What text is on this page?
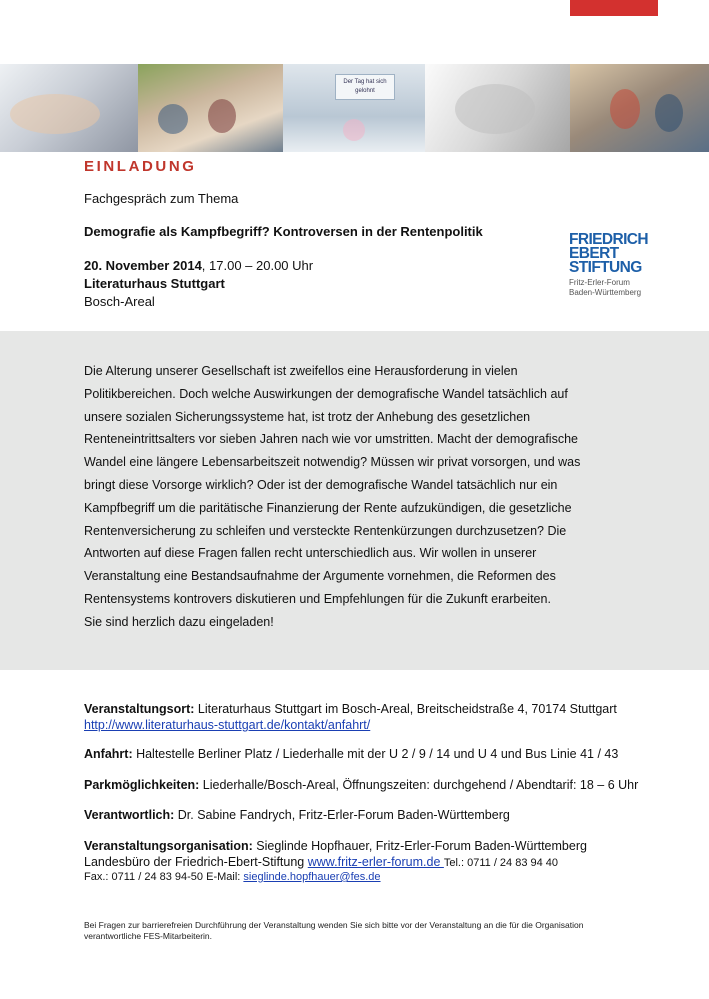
Der Tag hat sich gelohnt
EINLADUNG
Fachgespräch zum Thema
Demografie als Kampfbegriff? Kontroversen in der Rentenpolitik
20. November 2014, 17.00 – 20.00 Uhr
Literaturhaus Stuttgart
Bosch-Areal
FRIEDRICH
EBERT
STIFTUNG
Fritz-Erler-Forum
Baden-Württemberg

Die Alterung unserer Gesellschaft ist zweifellos eine Herausforderung in vielen

Politikbereichen. Doch welche Auswirkungen der demografische Wandel tatsächlich auf

unsere sozialen Sicherungssysteme hat, ist trotz der Anhebung des gesetzlichen

Renteneintrittsalters vor sieben Jahren nach wie vor umstritten. Macht der demografische

Wandel eine längere Lebensarbeitszeit notwendig? Müssen wir privat vorsorgen, und was

bringt diese Vorsorge wirklich? Oder ist der demografische Wandel tatsächlich nur ein

Kampfbegriff um die paritätische Finanzierung der Rente aufzukündigen, die gesetzliche

Rentenversicherung zu schleifen und versteckte Rentenkürzungen durchzusetzen? Die

Antworten auf diese Fragen fallen recht unterschiedlich aus. Wir wollen in unserer

Veranstaltung eine Bestandsaufnahme der Argumente vornehmen, die Reformen des

Rentensystems kontrovers diskutieren und Empfehlungen für die Zukunft erarbeiten.

Sie sind herzlich dazu eingeladen!

Veranstaltungsort: Literaturhaus Stuttgart im Bosch-Areal, Breitscheidstraße 4, 70174 Stuttgart
http://www.literaturhaus-stuttgart.de/kontakt/anfahrt/
Anfahrt: Haltestelle Berliner Platz / Liederhalle mit der U 2 / 9 / 14 und U 4 und Bus Linie 41 / 43
Parkmöglichkeiten: Liederhalle/Bosch-Areal, Öffnungszeiten: durchgehend / Abendtarif: 18 – 6 Uhr
Verantwortlich: Dr. Sabine Fandrych, Fritz-Erler-Forum Baden-Württemberg
Veranstaltungsorganisation: Sieglinde Hopfhauer, Fritz-Erler-Forum Baden-Württemberg
Landesbüro der Friedrich-Ebert-Stiftung www.fritz-erler-forum.de Tel.: 0711 / 24 83 94 40
Fax.: 0711 / 24 83 94-50 E-Mail: sieglinde.hopfhauer@fes.de
Bei Fragen zur barrierefreien Durchführung der Veranstaltung wenden Sie sich bitte vor der Veranstaltung an die für die Organisation
verantwortliche FES-Mitarbeiterin.
